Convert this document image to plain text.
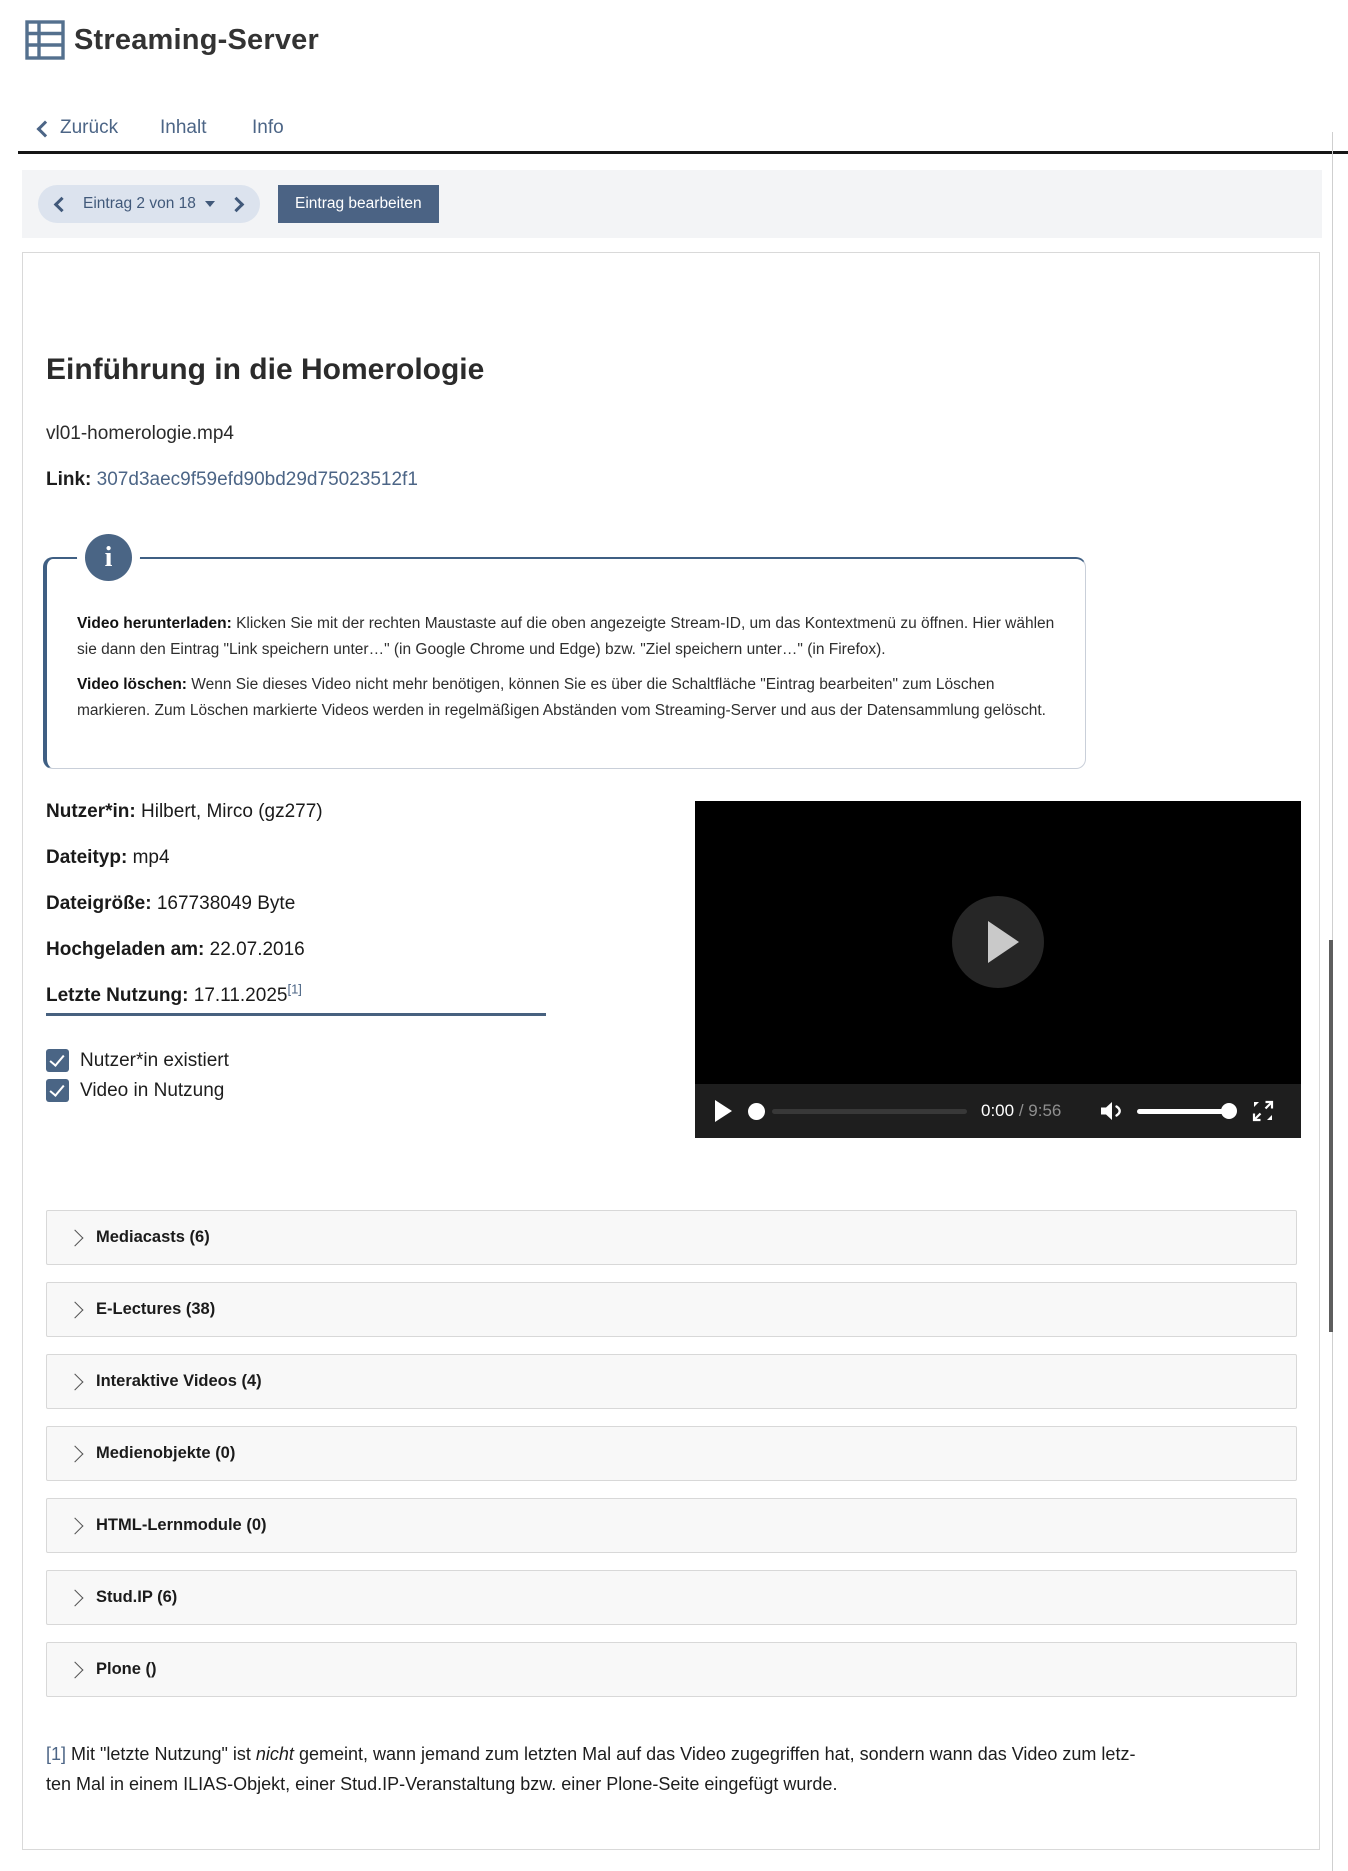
Streaming-Server
Zurück Inhalt Info
Eintrag 2 von 18	Eintrag bearbeiten
Einführung in die Homerologie
vl01-homerologie.mp4
Link: 307d3aec9f59efd90bd29d75023512f1
i

Video herunterladen: Klicken Sie mit der rechten Maustaste auf die oben angezeigte Stream-ID, um das Kontextmenü zu öffnen. Hier wählen sie dann den Eintrag "Link speichern unter…" (in Google Chrome und Edge) bzw. "Ziel speichern unter…" (in Firefox).

Video löschen: Wenn Sie dieses Video nicht mehr benötigen, können Sie es über die Schaltfläche "Eintrag bearbeiten" zum Löschen markieren. Zum Löschen markierte Videos werden in regelmäßigen Abständen vom Streaming-Server und aus der Datensammlung gelöscht.

Nutzer*in: Hilbert, Mirco (gz277)
Dateityp: mp4
Dateigröße: 167738049 Byte
Hochgeladen am: 22.07.2016
Letzte Nutzung: 17.11.2025[1]
Nutzer*in existiert
Video in Nutzung
0:00 / 9:56
Mediacasts (6)
E-Lectures (38)
Interaktive Videos (4)
Medienobjekte (0)
HTML-Lernmodule (0)
Stud.IP (6)
Plone ()
[1] Mit "letzte Nutzung" ist nicht gemeint, wann jemand zum letzten Mal auf das Video zugegriffen hat, sondern wann das Video zum letz-
ten Mal in einem ILIAS-Objekt, einer Stud.IP-Veranstaltung bzw. einer Plone-Seite eingefügt wurde.
